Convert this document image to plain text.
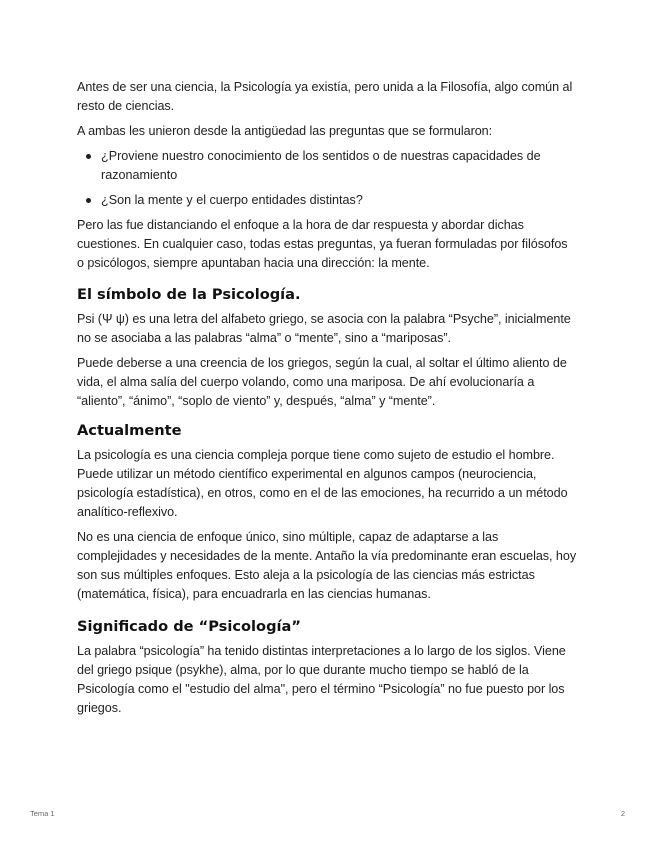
Antes de ser una ciencia, la Psicología ya existía, pero unida a la Filosofía, algo común al resto de ciencias.

A ambas les unieron desde la antigüedad las preguntas que se formularon:

¿Proviene nuestro conocimiento de los sentidos o de nuestras capacidades de razonamiento
¿Son la mente y el cuerpo entidades distintas?

Pero las fue distanciando el enfoque a la hora de dar respuesta y abordar dichas cuestiones. En cualquier caso, todas estas preguntas, ya fueran formuladas por filósofos o psicólogos, siempre apuntaban hacia una dirección: la mente.

El símbolo de la Psicología.

Psi (Ψ ψ) es una letra del alfabeto griego, se asocia con la palabra “Psyche”, inicialmente no se asociaba a las palabras “alma” o “mente”, sino a “mariposas”.

Puede deberse a una creencia de los griegos, según la cual, al soltar el último aliento de vida, el alma salía del cuerpo volando, como una mariposa. De ahí evolucionaría a “aliento”, “ánimo”, “soplo de viento” y, después, “alma” y “mente”.

Actualmente

La psicología es una ciencia compleja porque tiene como sujeto de estudio el hombre. Puede utilizar un método científico experimental en algunos campos (neurociencia, psicología estadística), en otros, como en el de las emociones, ha recurrido a un método analítico-reflexivo.

No es una ciencia de enfoque único, sino múltiple, capaz de adaptarse a las complejidades y necesidades de la mente. Antaño la vía predominante eran escuelas, hoy son sus múltiples enfoques. Esto aleja a la psicología de las ciencias más estrictas (matemática, física), para encuadrarla en las ciencias humanas.

Significado de “Psicología”

La palabra “psicología” ha tenido distintas interpretaciones a lo largo de los siglos. Viene del griego psique (psykhe), alma, por lo que durante mucho tiempo se habló de la Psicología como el "estudio del alma", pero el término “Psicología” no fue puesto por los griegos.

Tema 1	2
